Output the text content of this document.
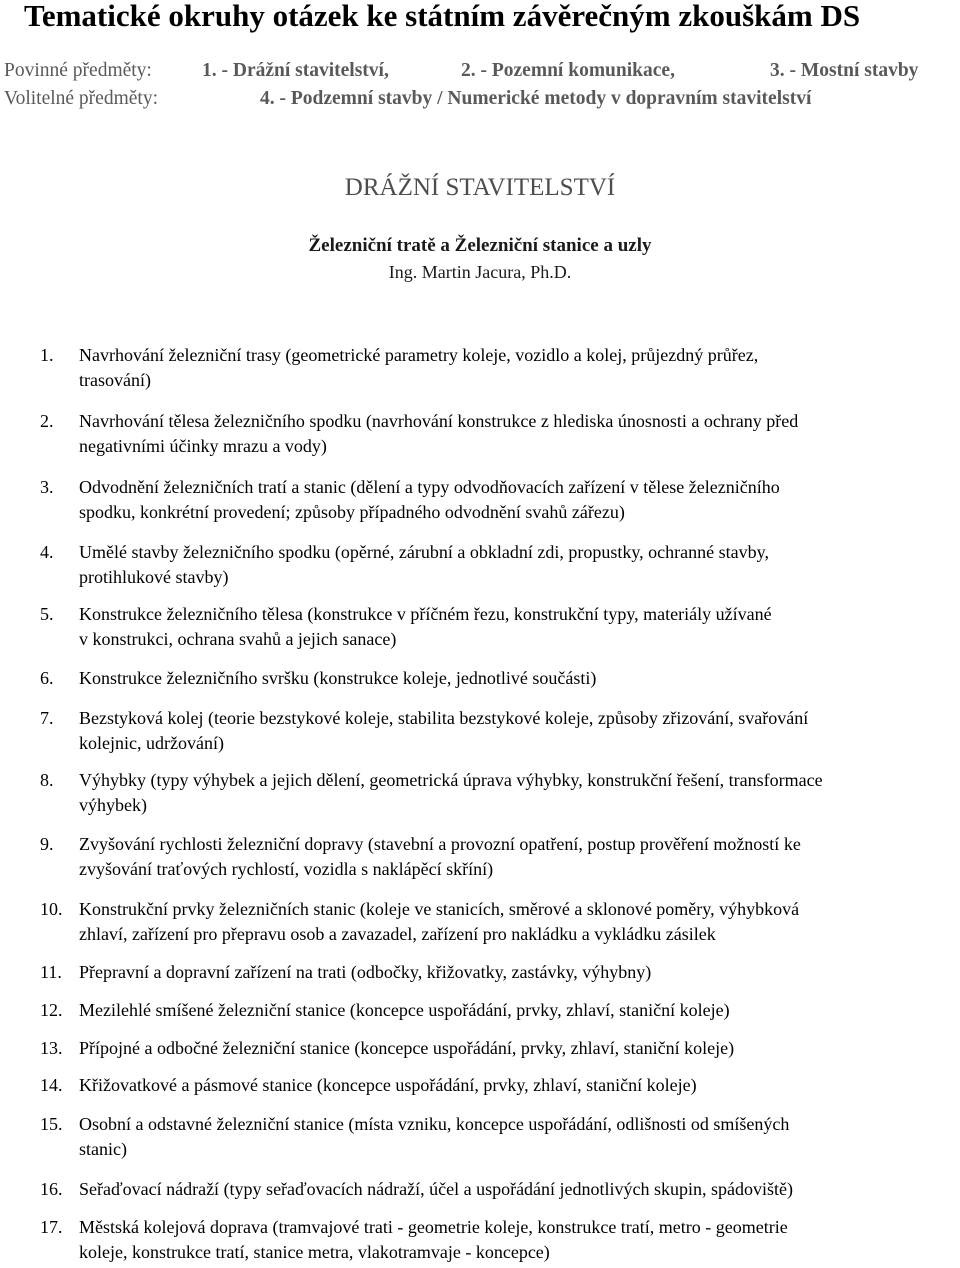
Tematické okruhy otázek ke státním závěrečným zkouškám DS
Povinné předměty:	1. - Drážní stavitelství,	2. - Pozemní komunikace,	3. - Mostní stavby
Volitelné předměty:	4. - Podzemní stavby / Numerické metody v dopravním stavitelství
DRÁŽNÍ STAVITELSTVÍ
Železniční tratě a Železniční stanice a uzly
Ing. Martin Jacura, Ph.D.
1. Navrhování železniční trasy (geometrické parametry koleje, vozidlo a kolej, průjezdný průřez,
trasování)
2. Navrhování tělesa železničního spodku (navrhování konstrukce z hlediska únosnosti a ochrany před
negativními účinky mrazu a vody)
3. Odvodnění železničních tratí a stanic (dělení a typy odvodňovacích zařízení v tělese železničního
spodku, konkrétní provedení; způsoby případného odvodnění svahů zářezu)
4. Umělé stavby železničního spodku (opěrné, zárubní a obkladní zdi, propustky, ochranné stavby,
protihlukové stavby)
5. Konstrukce železničního tělesa (konstrukce v příčném řezu, konstrukční typy, materiály užívané
v konstrukci, ochrana svahů a jejich sanace)
6. Konstrukce železničního svršku (konstrukce koleje, jednotlivé součásti)
7. Bezstyková kolej (teorie bezstykové koleje, stabilita bezstykové koleje, způsoby zřizování, svařování
kolejnic, udržování)
8. Výhybky (typy výhybek a jejich dělení, geometrická úprava výhybky, konstrukční řešení, transformace
výhybek)
9. Zvyšování rychlosti železniční dopravy (stavební a provozní opatření, postup prověření možností ke
zvyšování traťových rychlostí, vozidla s naklápěcí skříní)
10. Konstrukční prvky železničních stanic (koleje ve stanicích, směrové a sklonové poměry, výhybková
zhlaví, zařízení pro přepravu osob a zavazadel, zařízení pro nakládku a vykládku zásilek
11. Přepravní a dopravní zařízení na trati (odbočky, křižovatky, zastávky, výhybny)
12. Mezilehlé smíšené železniční stanice (koncepce uspořádání, prvky, zhlaví, staniční koleje)
13. Přípojné a odbočné železniční stanice (koncepce uspořádání, prvky, zhlaví, staniční koleje)
14. Křižovatkové a pásmové stanice (koncepce uspořádání, prvky, zhlaví, staniční koleje)
15. Osobní a odstavné železniční stanice (místa vzniku, koncepce uspořádání, odlišnosti od smíšených
stanic)
16. Seřaďovací nádraží (typy seřaďovacích nádraží, účel a uspořádání jednotlivých skupin, spádoviště)
17. Městská kolejová doprava (tramvajové trati - geometrie koleje, konstrukce tratí, metro - geometrie
koleje, konstrukce tratí, stanice metra, vlakotramvaje - koncepce)
